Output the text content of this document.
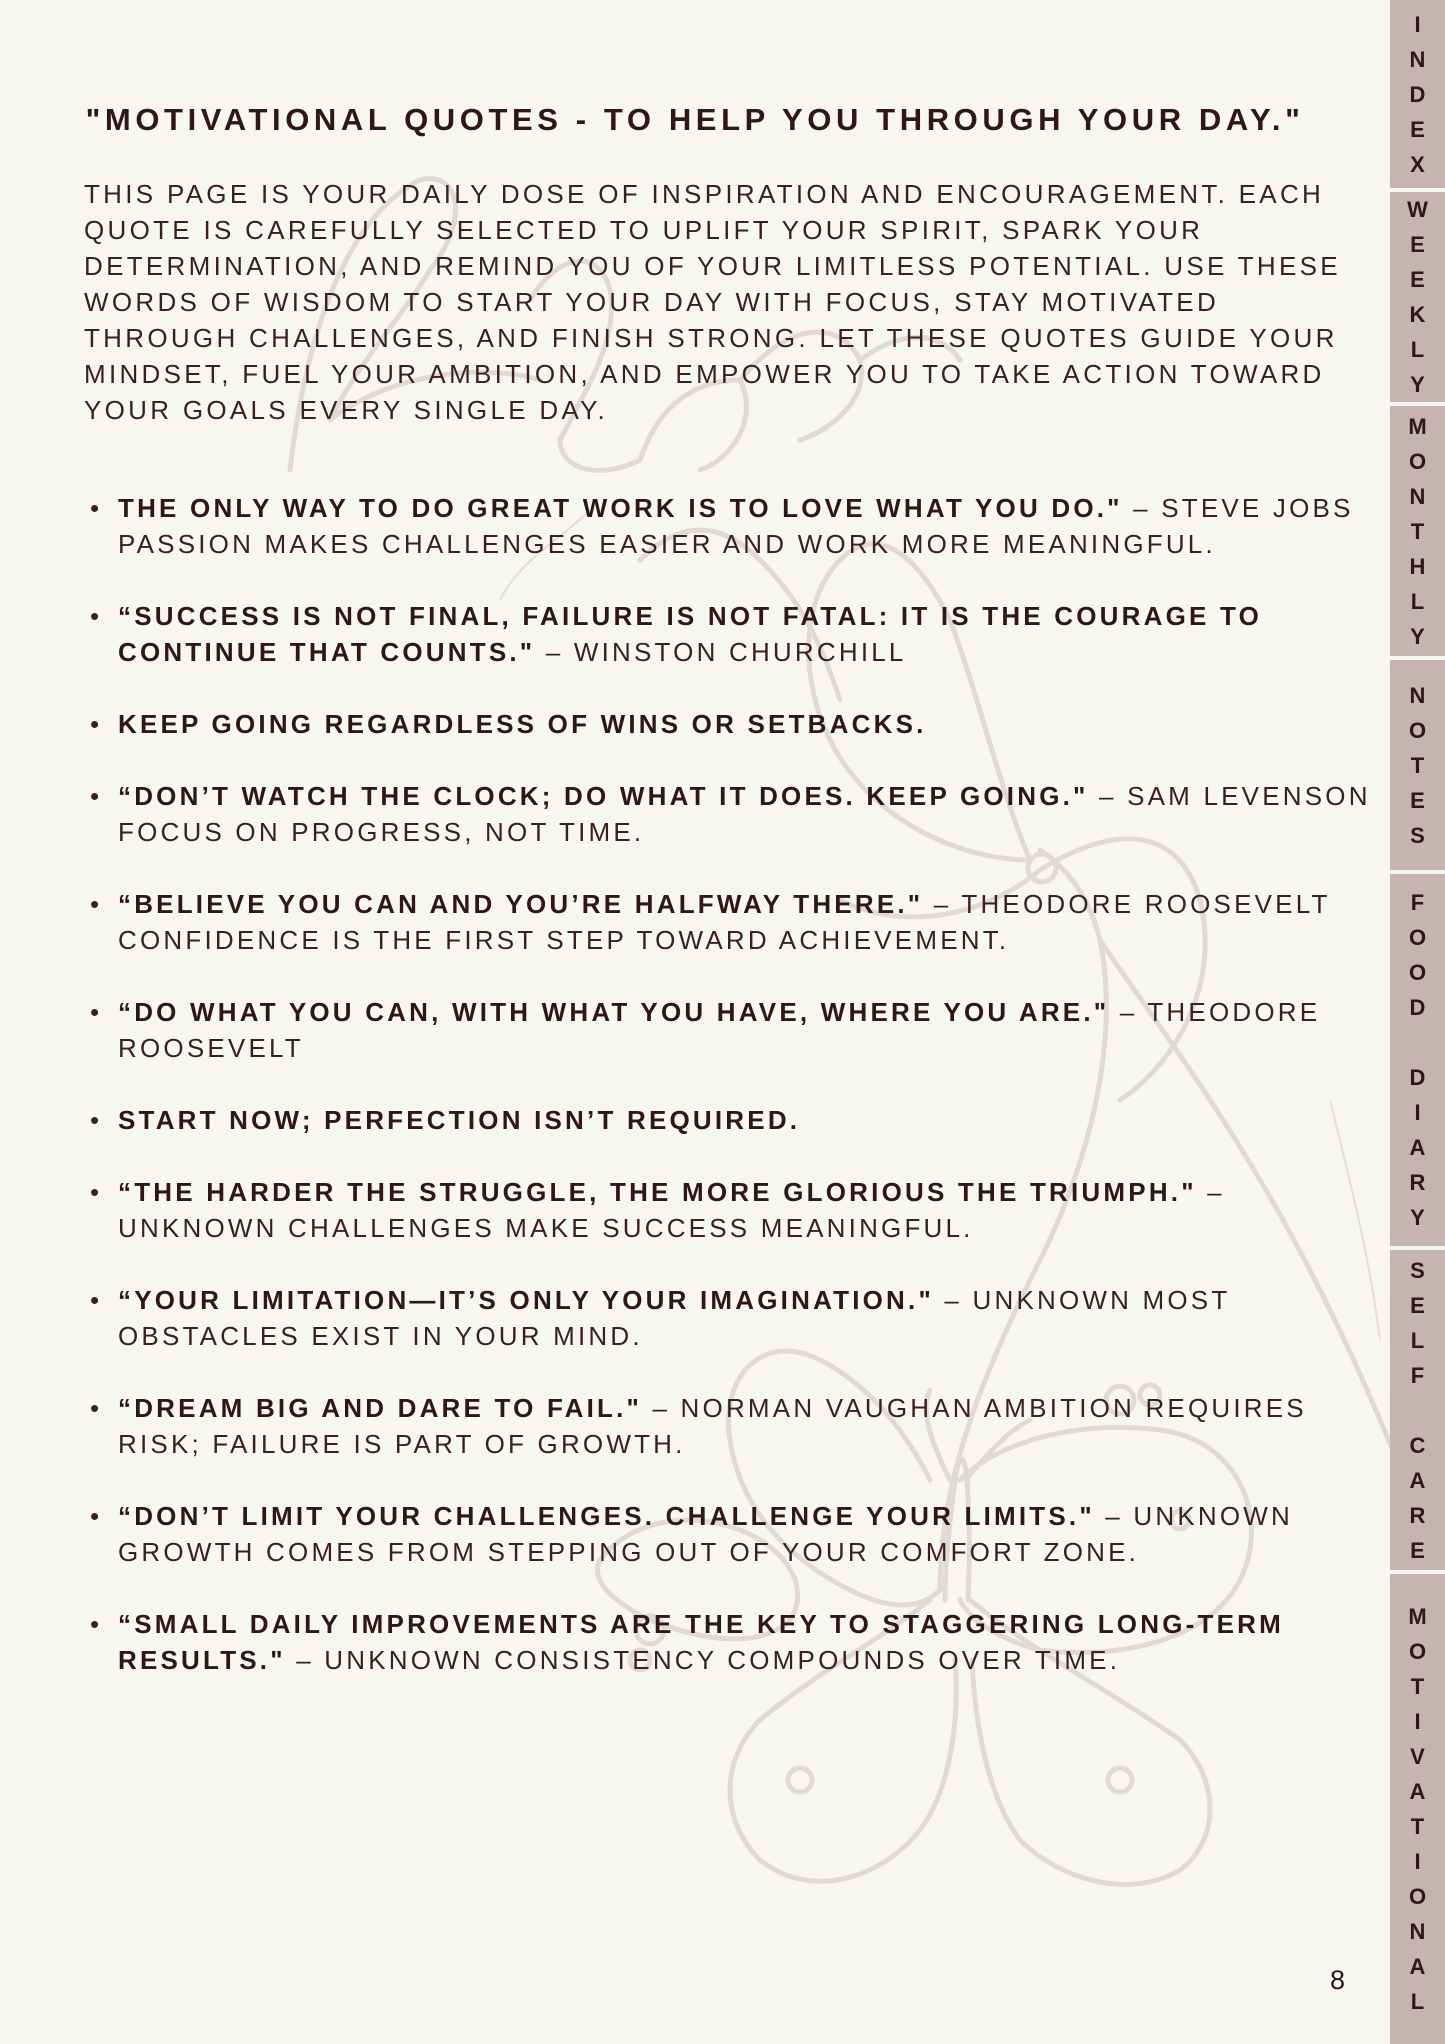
"MOTIVATIONAL QUOTES - TO HELP YOU THROUGH YOUR DAY."

THIS PAGE IS YOUR DAILY DOSE OF INSPIRATION AND ENCOURAGEMENT. EACH QUOTE IS CAREFULLY SELECTED TO UPLIFT YOUR SPIRIT, SPARK YOUR DETERMINATION, AND REMIND YOU OF YOUR LIMITLESS POTENTIAL. USE THESE WORDS OF WISDOM TO START YOUR DAY WITH FOCUS, STAY MOTIVATED THROUGH CHALLENGES, AND FINISH STRONG. LET THESE QUOTES GUIDE YOUR MINDSET, FUEL YOUR AMBITION, AND EMPOWER YOU TO TAKE ACTION TOWARD YOUR GOALS EVERY SINGLE DAY.

• THE ONLY WAY TO DO GREAT WORK IS TO LOVE WHAT YOU DO." – STEVE JOBS PASSION MAKES CHALLENGES EASIER AND WORK MORE MEANINGFUL.
• “SUCCESS IS NOT FINAL, FAILURE IS NOT FATAL: IT IS THE COURAGE TO CONTINUE THAT COUNTS." – WINSTON CHURCHILL
• KEEP GOING REGARDLESS OF WINS OR SETBACKS.
• “DON’T WATCH THE CLOCK; DO WHAT IT DOES. KEEP GOING." – SAM LEVENSON FOCUS ON PROGRESS, NOT TIME.
• “BELIEVE YOU CAN AND YOU’RE HALFWAY THERE." – THEODORE ROOSEVELT CONFIDENCE IS THE FIRST STEP TOWARD ACHIEVEMENT.
• “DO WHAT YOU CAN, WITH WHAT YOU HAVE, WHERE YOU ARE." – THEODORE ROOSEVELT
• START NOW; PERFECTION ISN’T REQUIRED.
• “THE HARDER THE STRUGGLE, THE MORE GLORIOUS THE TRIUMPH." – UNKNOWN CHALLENGES MAKE SUCCESS MEANINGFUL.
• “YOUR LIMITATION—IT’S ONLY YOUR IMAGINATION." – UNKNOWN MOST OBSTACLES EXIST IN YOUR MIND.
• “DREAM BIG AND DARE TO FAIL." – NORMAN VAUGHAN AMBITION REQUIRES RISK; FAILURE IS PART OF GROWTH.
• “DON’T LIMIT YOUR CHALLENGES. CHALLENGE YOUR LIMITS." – UNKNOWN GROWTH COMES FROM STEPPING OUT OF YOUR COMFORT ZONE.
• “SMALL DAILY IMPROVEMENTS ARE THE KEY TO STAGGERING LONG-TERM RESULTS." – UNKNOWN CONSISTENCY COMPOUNDS OVER TIME.

8

I
N
D
E
X
W
E
E
K
L
Y
M
O
N
T
H
L
Y
N
O
T
E
S
F
O
O
D

D
I
A
R
Y
S
E
L
F

C
A
R
E
M
O
T
I
V
A
T
I
O
N
A
L
